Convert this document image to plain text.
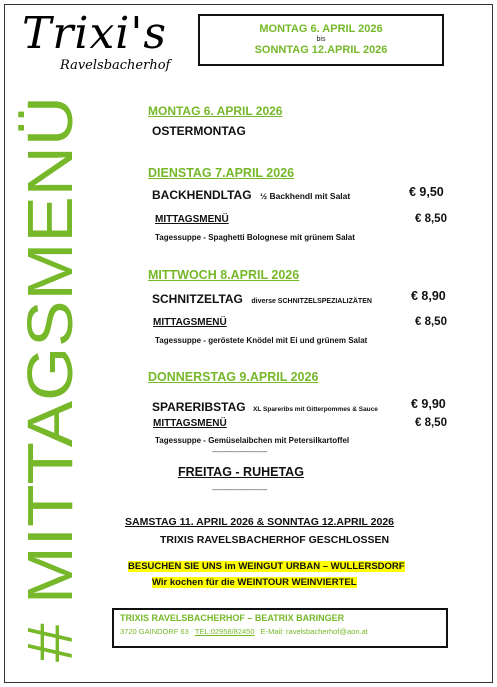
Trixi's
Ravelsbacherhof
MONTAG 6. APRIL 2026
bis
SONNTAG 12.APRIL 2026
# MITTAGSMENÜ
MONTAG 6. APRIL 2026
OSTERMONTAG
DIENSTAG 7.APRIL 2026
BACKHENDLTAG ½ Backhendl mit Salat	€ 9,50
MITTAGSMENÜ	€ 8,50
Tagessuppe - Spaghetti Bolognese mit grünem Salat
MITTWOCH 8.APRIL 2026
SCHNITZELTAG diverse SCHNITZELSPEZIALIZÄTEN	€ 8,90
MITTAGSMENÜ	€ 8,50
Tagessuppe - geröstete Knödel mit Ei und grünem Salat
DONNERSTAG 9.APRIL 2026
SPARERIBSTAG XL Spareribs mit Gitterpommes & Sauce	€ 9,90
MITTAGSMENÜ	€ 8,50
Tagessuppe - Gemüselaibchen mit Petersilkartoffel
------------------------------
FREITAG - RUHETAG
------------------------------
SAMSTAG 11. APRIL 2026 & SONNTAG 12.APRIL 2026
TRIXIS RAVELSBACHERHOF GESCHLOSSEN
BESUCHEN SIE UNS im WEINGUT URBAN – WULLERSDORF
Wir kochen für die WEINTOUR WEINVIERTEL
TRIXIS RAVELSBACHERHOF – BEATRIX BARINGER
3720 GAINDORF 63 TEL:02958/82450 E-Mail: ravelsbacherhof@aon.at
